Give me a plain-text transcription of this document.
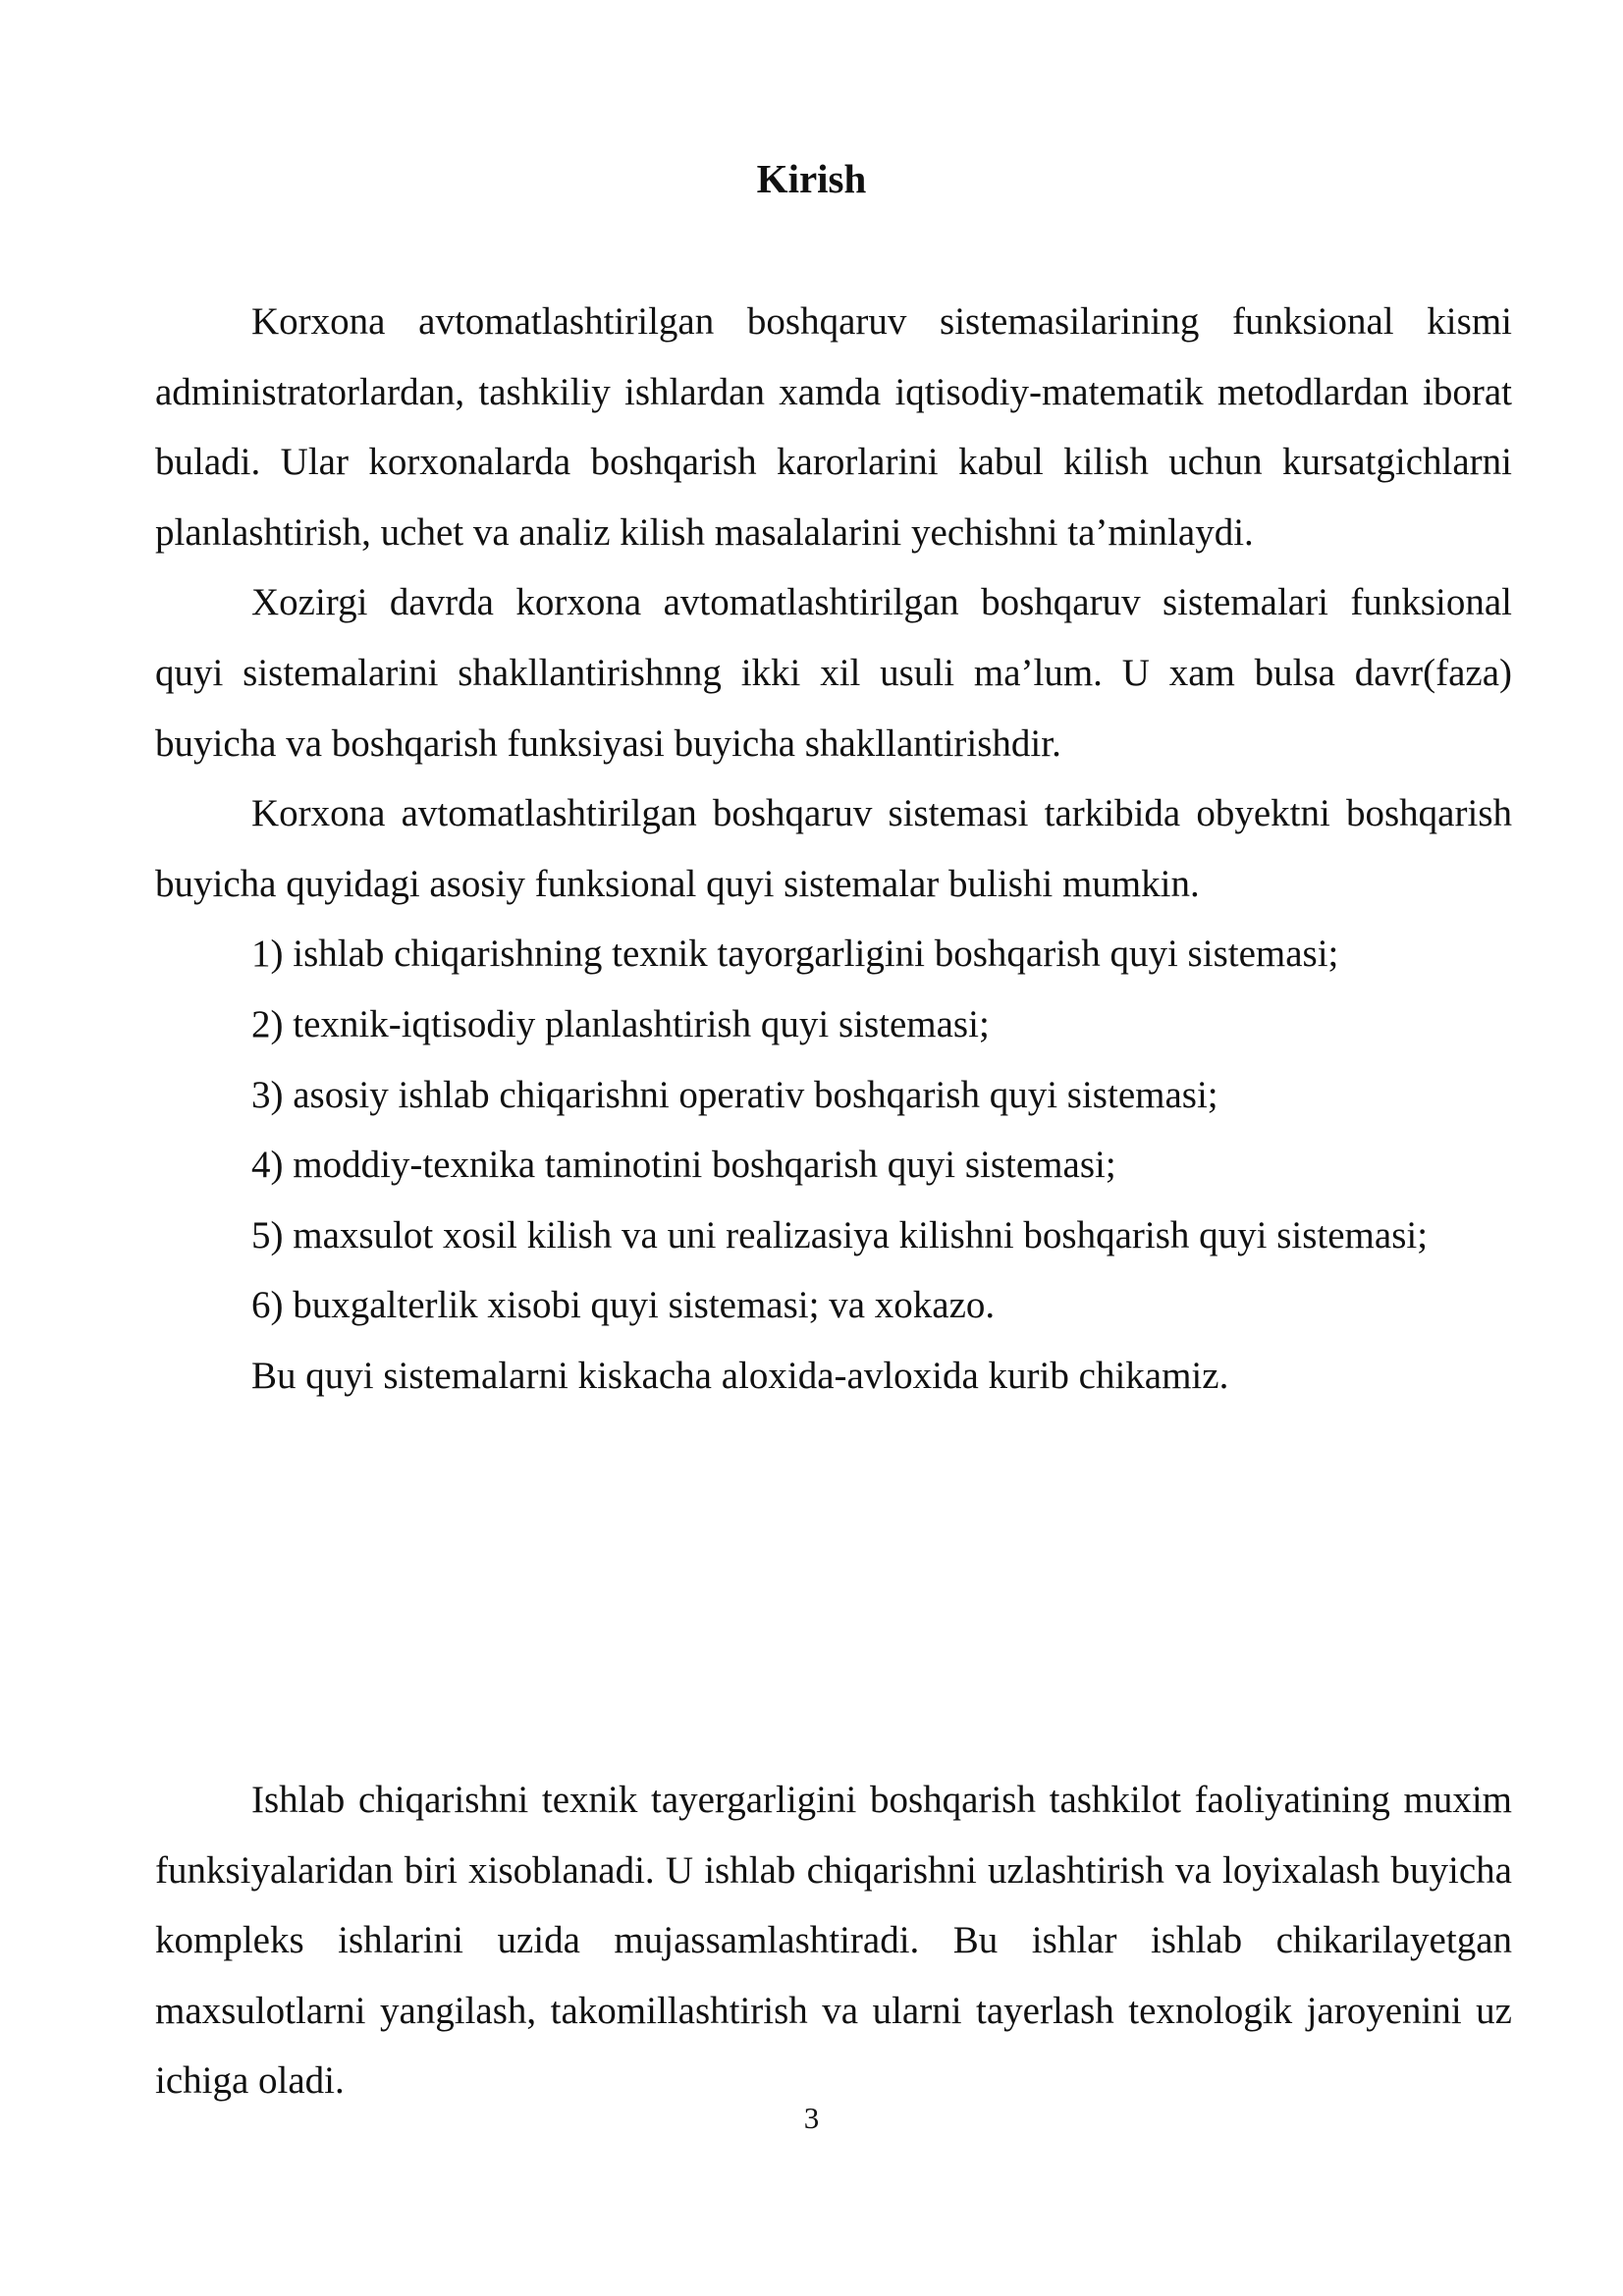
Kirish

Korxona avtomatlashtirilgan boshqaruv sistemasilarining funksional kismi administratorlardan, tashkiliy ishlardan xamda iqtisodiy-matematik metodlardan iborat buladi. Ular korxonalarda boshqarish karorlarini kabul kilish uchun kursatgichlarni planlashtirish, uchet va analiz kilish masalalarini yechishni ta’minlaydi.

Xozirgi davrda korxona avtomatlashtirilgan boshqaruv sistemalari funksional quyi sistemalarini shakllantirishnng ikki xil usuli ma’lum. U xam bulsa davr(faza) buyicha va boshqarish funksiyasi buyicha shakllantirishdir.

Korxona avtomatlashtirilgan boshqaruv sistemasi tarkibida obyektni boshqarish buyicha quyidagi asosiy funksional quyi sistemalar bulishi mumkin.

1) ishlab chiqarishning texnik tayorgarligini boshqarish quyi sistemasi;

2) texnik-iqtisodiy planlashtirish quyi sistemasi;

3) asosiy ishlab chiqarishni operativ boshqarish quyi sistemasi;

4) moddiy-texnika taminotini boshqarish quyi sistemasi;

5) maxsulot xosil kilish va uni realizasiya kilishni boshqarish quyi sistemasi;

6) buxgalterlik xisobi quyi sistemasi; va xokazo.

Bu quyi sistemalarni kiskacha aloxida-avloxida kurib chikamiz.

Ishlab chiqarishni texnik tayergarligini boshqarish tashkilot faoliyatining muxim funksiyalaridan biri xisoblanadi. U ishlab chiqarishni uzlashtirish va loyixalash buyicha kompleks ishlarini uzida mujassamlashtiradi. Bu ishlar ishlab chikarilayetgan maxsulotlarni yangilash, takomillashtirish va ularni tayerlash texnologik jaroyenini uz ichiga oladi.

3
